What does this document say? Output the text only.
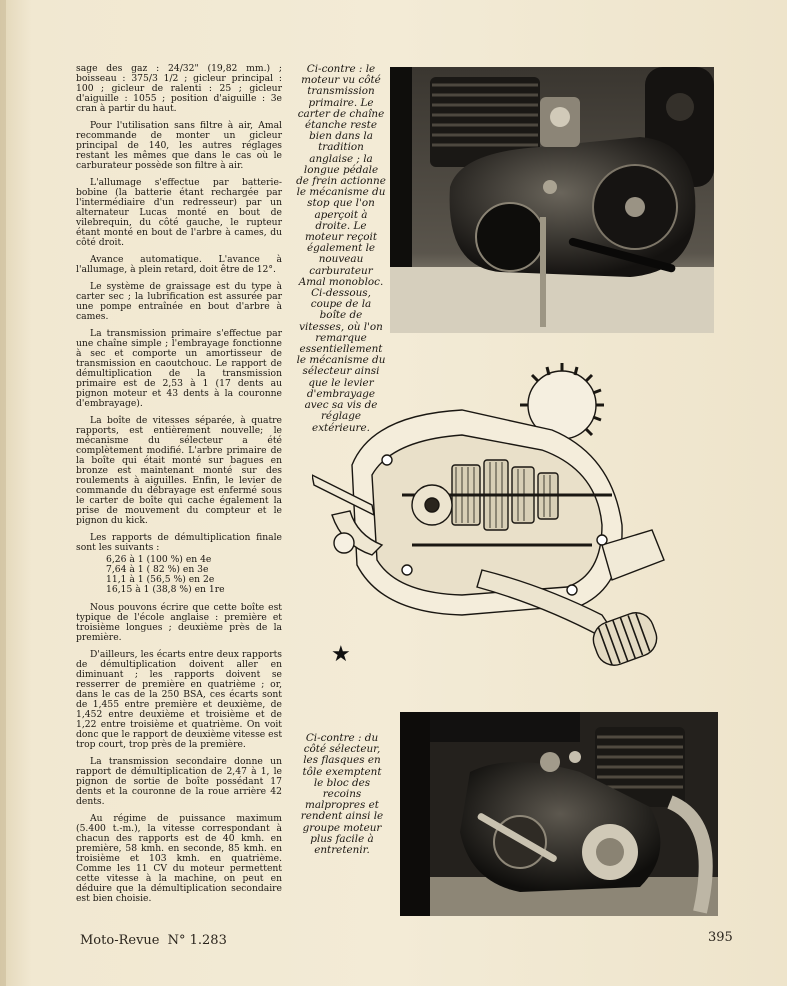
sage des gaz : 24/32" (19,82 mm.) ; boisseau : 375/3 1/2 ; gicleur principal : 100 ; gicleur de ralenti : 25 ; gicleur d'aiguille : 1055 ; position d'aiguille : 3e cran à partir du haut.

Pour l'utilisation sans filtre à air, Amal recommande de monter un gicleur principal de 140, les autres réglages restant les mêmes que dans le cas où le carburateur possède son filtre à air.

L'allumage s'effectue par batterie-bobine (la batterie étant rechargée par l'intermédiaire d'un redresseur) par un alternateur Lucas monté en bout de vilebrequin, du côté gauche, le rupteur étant monté en bout de l'arbre à cames, du côté droit.

Avance automatique. L'avance à l'allumage, à plein retard, doit être de 12°.

Le système de graissage est du type à carter sec ; la lubrification est assurée par une pompe entraînée en bout d'arbre à cames.

La transmission primaire s'effectue par une chaîne simple ; l'embrayage fonctionne à sec et comporte un amortisseur de transmission en caoutchouc. Le rapport de démultiplication de la transmission primaire est de 2,53 à 1 (17 dents au pignon moteur et 43 dents à la couronne d'embrayage).

La boîte de vitesses séparée, à quatre rapports, est entièrement nouvelle; le mécanisme du sélecteur a été complètement modifié. L'arbre primaire de la boîte qui était monté sur bagues en bronze est maintenant monté sur des roulements à aiguilles. Enfin, le levier de commande du débrayage est enfermé sous le carter de boîte qui cache également la prise de mouvement du compteur et le pignon du kick.

Les rapports de démultiplication finale sont les suivants :

6,26 à 1 (100 %) en 4e
7,64 à 1 ( 82 %) en 3e
11,1 à 1 (56,5 %) en 2e
16,15 à 1 (38,8 %) en 1re

Nous pouvons écrire que cette boîte est typique de l'école anglaise : première et troisième longues ; deuxième près de la première.

D'ailleurs, les écarts entre deux rapports de démultiplication doivent aller en diminuant ; les rapports doivent se resserrer de première en quatrième ; or, dans le cas de la 250 BSA, ces écarts sont de 1,455 entre première et deuxième, de 1,452 entre deuxième et troisième et de 1,22 entre troisième et quatrième. On voit donc que le rapport de deuxième vitesse est trop court, trop près de la première.

La transmission secondaire donne un rapport de démultiplication de 2,47 à 1, le pignon de sortie de boîte possédant 17 dents et la couronne de la roue arrière 42 dents.

Au régime de puissance maximum (5.400 t.-m.), la vitesse correspondant à chacun des rapports est de 40 kmh. en première, 58 kmh. en seconde, 85 kmh. en troisième et 103 kmh. en quatrième. Comme les 11 CV du moteur permettent cette vitesse à la machine, on peut en déduire que la démultiplication secondaire est bien choisie.

Ci-contre : le moteur vu côté transmission primaire. Le carter de chaîne étanche reste bien dans la tradition anglaise ; la longue pédale de frein actionne le mécanisme du stop que l'on aperçoit à droite. Le moteur reçoit également le nouveau carburateur Amal monobloc. Ci-dessous, coupe de la boîte de vitesses, où l'on remarque essentiellement le mécanisme du sélecteur ainsi que le levier d'embrayage avec sa vis de réglage extérieure.

★

Ci-contre : du côté sélecteur, les flasques en tôle exemptent le bloc des recoins malpropres et rendent ainsi le groupe moteur plus facile à entretenir.

Moto-Revue N° 1.283	395
